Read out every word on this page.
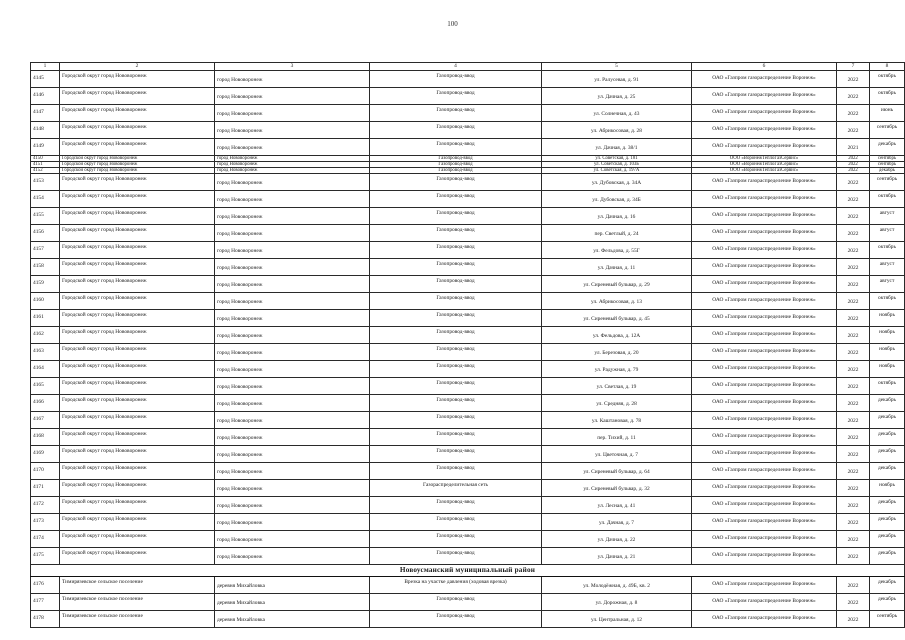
100
1	2	3	4	5	6	7	8
4145	Городской округ город Нововоронеж	город Нововоронеж	Газопровод-ввод	ул. Ралусевая, д. 91	ОАО «Газпром газораспределение Воронеж»	2022	октябрь
4146	Городской округ город Нововоронеж	город Нововоронеж	Газопровод-ввод	ул. Дачная, д. 25	ОАО «Газпром газораспределение Воронеж»	2022	октябрь
4147	Городской округ город Нововоронеж	город Нововоронеж	Газопровод-ввод	ул. Солнечная, д. 43	ОАО «Газпром газораспределение Воронеж»	2022	июнь
4148	Городской округ город Нововоронеж	город Нововоронеж	Газопровод-ввод	ул. Абрикосовая, д. 28	ОАО «Газпром газораспределение Воронеж»	2022	сентябрь
4149	Городской округ город Нововоронеж	город Нововоронеж	Газопровод-ввод	ул. Дачная, д. 38/1	ОАО «Газпром газораспределение Воронеж»	2021	декабрь
4150	Городской округ город Нововоронеж	город Нововоронеж	Газопровод-ввод	ул. Советская, д. 181	ООО «ВоронежТеплоГазСервис»	2022	сентябрь
4151	Городской округ город Нововоронеж	город Нововоронеж	Газопровод-ввод	ул. Советская, д. 103Б	ООО «ВоронежТеплоГазСервис»	2022	сентябрь
4152	Городской округ город Нововоронеж	город Нововоронеж	Газопровод-ввод	ул. Советская, д. 197А	ООО «ВоронежТеплоГазСервис»	2022	декабрь
4153	Городской округ город Нововоронеж	город Нововоронеж	Газопровод-ввод	ул. Дубовская, д. 34А	ОАО «Газпром газораспределение Воронеж»	2022	сентябрь
4154	Городской округ город Нововоронеж	город Нововоронеж	Газопровод-ввод	ул. Дубовская, д. 34Б	ОАО «Газпром газораспределение Воронеж»	2022	октябрь
4155	Городской округ город Нововоронеж	город Нововоронеж	Газопровод-ввод	ул. Дачная, д. 16	ОАО «Газпром газораспределение Воронеж»	2022	август
4156	Городской округ город Нововоронеж	город Нововоронеж	Газопровод-ввод	пер. Светлый, д. 24	ОАО «Газпром газораспределение Воронеж»	2022	август
4157	Городской округ город Нововоронеж	город Нововоронеж	Газопровод-ввод	ул. Фельдова, д. 55Г	ОАО «Газпром газораспределение Воронеж»	2022	октябрь
4158	Городской округ город Нововоронеж	город Нововоронеж	Газопровод-ввод	ул. Дачная, д. 11	ОАО «Газпром газораспределение Воронеж»	2022	август
4159	Городской округ город Нововоронеж	город Нововоронеж	Газопровод-ввод	ул. Сиреневый бульвар, д. 29	ОАО «Газпром газораспределение Воронеж»	2022	август
4160	Городской округ город Нововоронеж	город Нововоронеж	Газопровод-ввод	ул. Абрикосовая, д. 13	ОАО «Газпром газораспределение Воронеж»	2022	октябрь
4161	Городской округ город Нововоронеж	город Нововоронеж	Газопровод-ввод	ул. Сиреневый бульвар, д. 45	ОАО «Газпром газораспределение Воронеж»	2022	ноябрь
4162	Городской округ город Нововоронеж	город Нововоронеж	Газопровод-ввод	ул. Фельдова, д. 12А	ОАО «Газпром газораспределение Воронеж»	2022	ноябрь
4163	Городской округ город Нововоронеж	город Нововоронеж	Газопровод-ввод	ул. Березовая, д. 20	ОАО «Газпром газораспределение Воронеж»	2022	ноябрь
4164	Городской округ город Нововоронеж	город Нововоронеж	Газопровод-ввод	ул. Радужная, д. 79	ОАО «Газпром газораспределение Воронеж»	2022	ноябрь
4165	Городской округ город Нововоронеж	город Нововоронеж	Газопровод-ввод	ул. Светлая, д. 19	ОАО «Газпром газораспределение Воронеж»	2022	октябрь
4166	Городской округ город Нововоронеж	город Нововоронеж	Газопровод-ввод	ул. Средняя, д. 28	ОАО «Газпром газораспределение Воронеж»	2022	декабрь
4167	Городской округ город Нововоронеж	город Нововоронеж	Газопровод-ввод	ул. Каштановая, д. 78	ОАО «Газпром газораспределение Воронеж»	2022	декабрь
4168	Городской округ город Нововоронеж	город Нововоронеж	Газопровод-ввод	пер. Тихий, д. 11	ОАО «Газпром газораспределение Воронеж»	2022	декабрь
4169	Городской округ город Нововоронеж	город Нововоронеж	Газопровод-ввод	ул. Цветочная, д. 7	ОАО «Газпром газораспределение Воронеж»	2022	декабрь
4170	Городской округ город Нововоронеж	город Нововоронеж	Газопровод-ввод	ул. Сиреневый бульвар, д. 64	ОАО «Газпром газораспределение Воронеж»	2022	декабрь
4171	Городской округ город Нововоронеж	город Нововоронеж	Газораспределительная сеть	ул. Сиреневый бульвар, д. 32	ОАО «Газпром газораспределение Воронеж»	2022	ноябрь
4172	Городской округ город Нововоронеж	город Нововоронеж	Газопровод-ввод	ул. Лесная, д. 41	ОАО «Газпром газораспределение Воронеж»	2022	декабрь
4173	Городской округ город Нововоронеж	город Нововоронеж	Газопровод-ввод	ул. Дачная, д. 7	ОАО «Газпром газораспределение Воронеж»	2022	декабрь
4174	Городской округ город Нововоронеж	город Нововоронеж	Газопровод-ввод	ул. Дачная, д. 22	ОАО «Газпром газораспределение Воронеж»	2022	декабрь
4175	Городской округ город Нововоронеж	город Нововоронеж	Газопровод-ввод	ул. Дачная, д. 21	ОАО «Газпром газораспределение Воронеж»	2022	декабрь
Новоусманский муниципальный район							
4176	Тимирязевское сельское поселение	деревня Михайловка	Врезка на участке давления (ходовая врезка)	ул. Молодёжная, д. 49Б, кв. 2	ОАО «Газпром газораспределение Воронеж»	2022	декабрь
4177	Тимирязевское сельское поселение	деревня Михайловка	Газопровод-ввод	ул. Дорожная, д. 8	ОАО «Газпром газораспределение Воронеж»	2022	декабрь
4178	Тимирязевское сельское поселение	деревня Михайловка	Газопровод-ввод	ул. Центральная, д. 12	ОАО «Газпром газораспределение Воронеж»	2022	сентябрь
